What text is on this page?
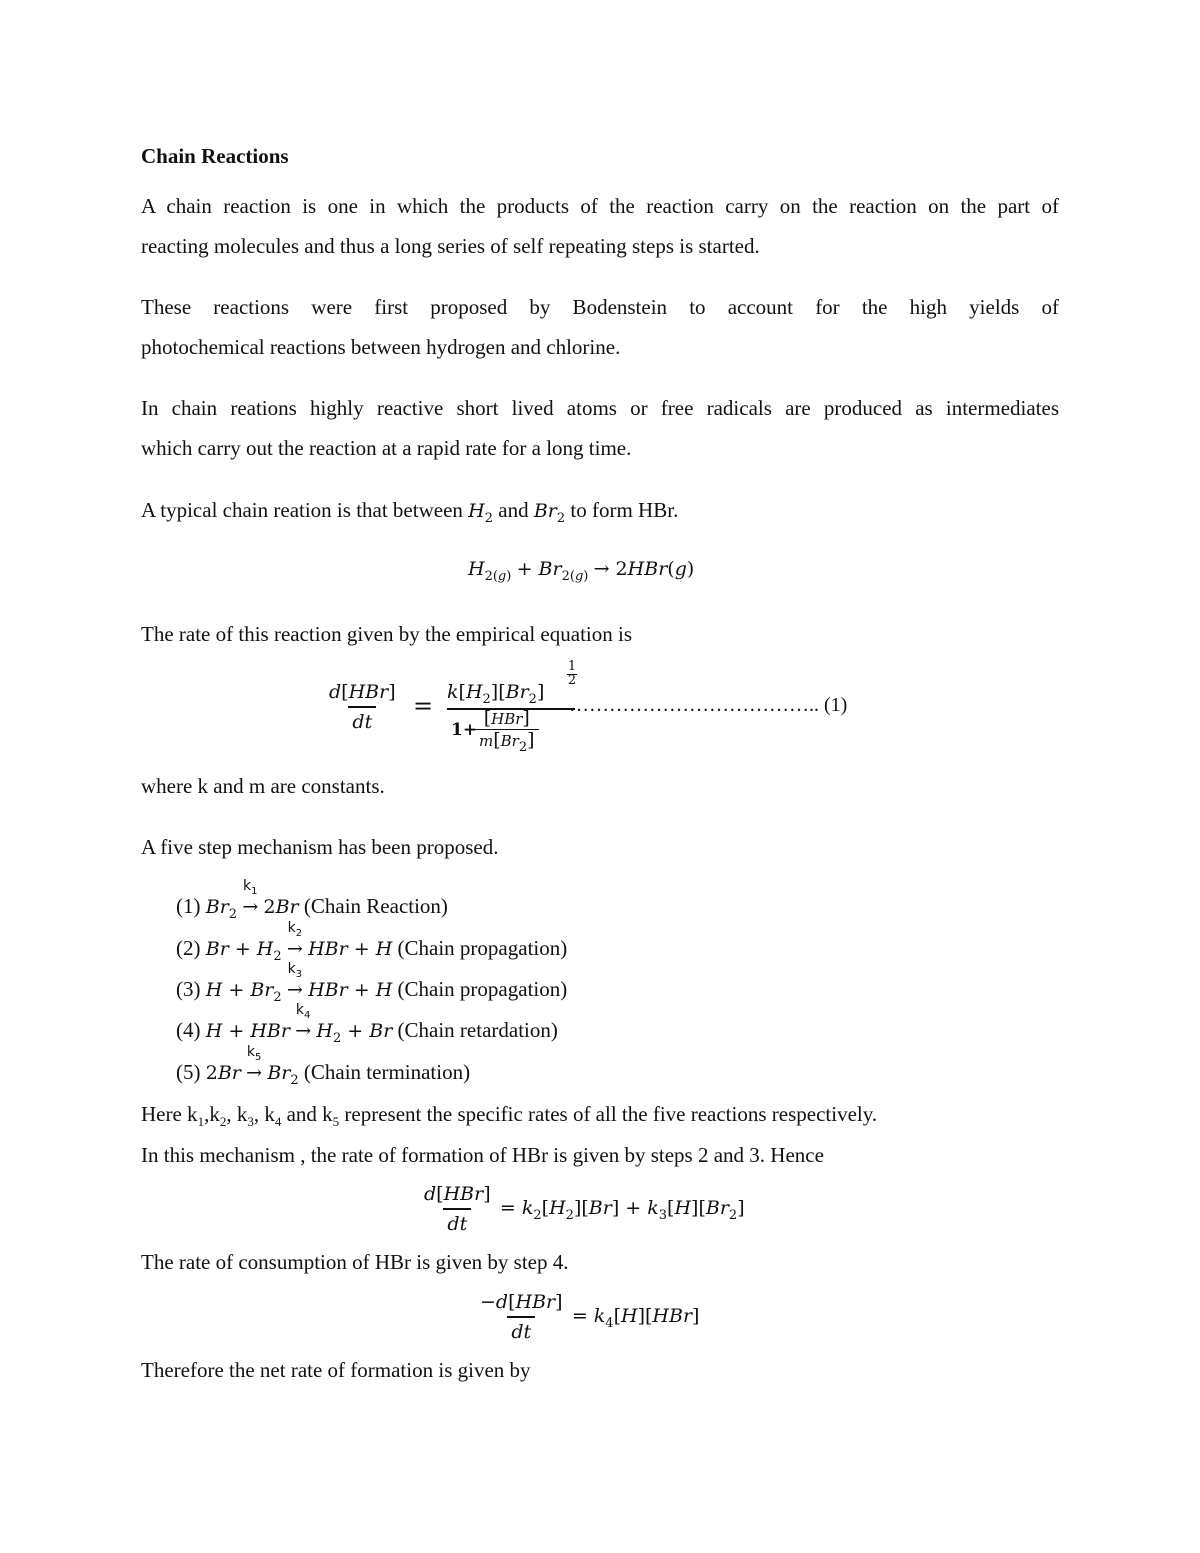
Chain Reactions
A chain reaction is one in which the products of the reaction carry on the reaction on the part of
reacting molecules and thus a long series of self repeating steps is started.
These reactions were first proposed by Bodenstein to account for the high yields of
photochemical reactions between hydrogen and chlorine.
In chain reations highly reactive short lived atoms or free radicals are produced as intermediates
which carry out the reaction at a rapid rate for a long time.
A typical chain reation is that between $H_2$ and $Br_2$ to form HBr.
$H_{2(g)} + Br_{2(g)} \to 2HBr(g)$
The rate of this reaction given by the empirical equation is
d[HBr]
dt
=
1
2
$k[H_2][Br_2]$
1+
[HBr]
m[Br2]
……………………………….. (1)
where k and m are constants.
A five step mechanism has been proposed.
(1) $Br_2$
$k_1$
→ 2Br (Chain Reaction)
(2) $Br + H_2$
$k_2$
→ HBr + H (Chain propagation)
(3) $H + Br_2$
$k_3$
→ HBr + H (Chain propagation)
(4) H + HBr
$k_4$
→ $H_2 + Br$ (Chain retardation)
(5) 2Br
$k_5$
→ $Br_2$ (Chain termination)
Here $k_1,k_2$, $k_3$, $k_4$ and $k_5$ represent the specific rates of all the five reactions respectively.
In this mechanism , the rate of formation of HBr is given by steps 2 and 3. Hence
$\frac{\text{d[HBr]}}{dt} = k_2[H_2][Br] + k_3[H][Br_2]$
The rate of consumption of HBr is given by step 4.
$\frac{\text{−d[HBr]}}{dt} = k_4[H][HBr]$
Therefore the net rate of formation is given by
